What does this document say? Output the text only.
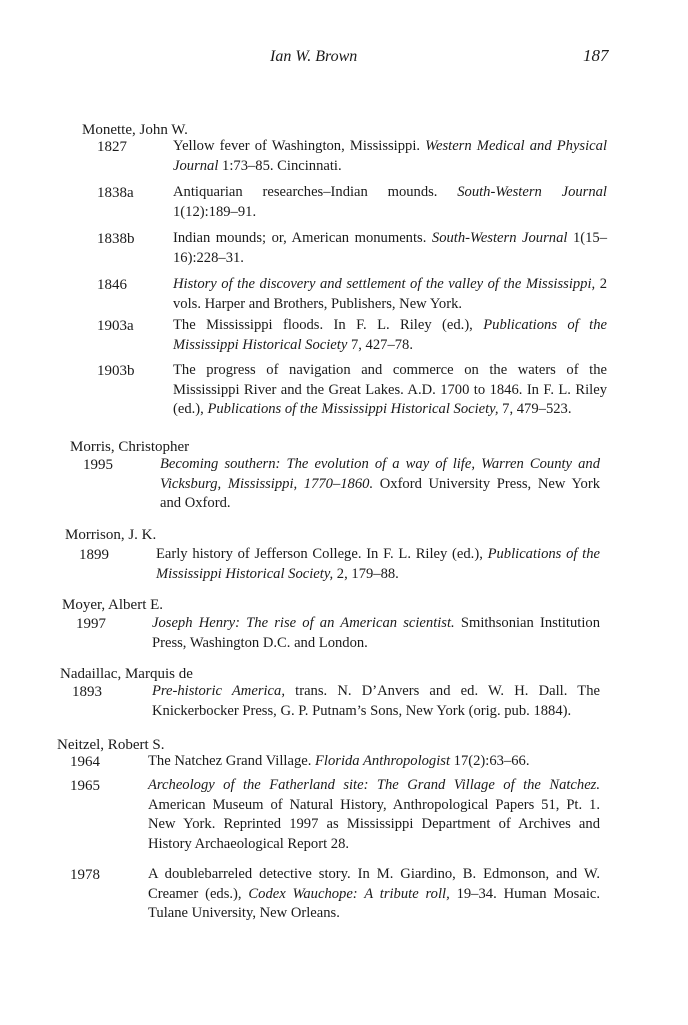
Ian W. Brown	187
Monette, John W.
1827	Yellow fever of Washington, Mississippi. Western Medical and Physical Journal 1:73–85. Cincinnati.
1838a	Antiquarian researches–Indian mounds. South-Western Journal 1(12):189–91.
1838b	Indian mounds; or, American monuments. South-Western Journal 1(15–16):228–31.
1846	History of the discovery and settlement of the valley of the Mississippi, 2 vols. Harper and Brothers, Publishers, New York.
1903a	The Mississippi floods. In F. L. Riley (ed.), Publications of the Mississippi Historical Society 7, 427–78.
1903b	The progress of navigation and commerce on the waters of the Mississippi River and the Great Lakes. A.D. 1700 to 1846. In F. L. Riley (ed.), Publications of the Mississippi Historical Society, 7, 479–523.
Morris, Christopher
1995	Becoming southern: The evolution of a way of life, Warren County and Vicksburg, Mississippi, 1770–1860. Oxford University Press, New York and Oxford.
Morrison, J. K.
1899	Early history of Jefferson College. In F. L. Riley (ed.), Publications of the Mississippi Historical Society, 2, 179–88.
Moyer, Albert E.
1997	Joseph Henry: The rise of an American scientist. Smithsonian Institution Press, Washington D.C. and London.
Nadaillac, Marquis de
1893	Pre-historic America, trans. N. D’Anvers and ed. W. H. Dall. The Knickerbocker Press, G. P. Putnam’s Sons, New York (orig. pub. 1884).
Neitzel, Robert S.
1964	The Natchez Grand Village. Florida Anthropologist 17(2):63–66.
1965	Archeology of the Fatherland site: The Grand Village of the Natchez. American Museum of Natural History, Anthropological Papers 51, Pt. 1. New York. Reprinted 1997 as Mississippi Department of Archives and History Archaeological Report 28.
1978	A doublebarreled detective story. In M. Giardino, B. Edmonson, and W. Creamer (eds.), Codex Wauchope: A tribute roll, 19–34. Human Mosaic. Tulane University, New Orleans.
